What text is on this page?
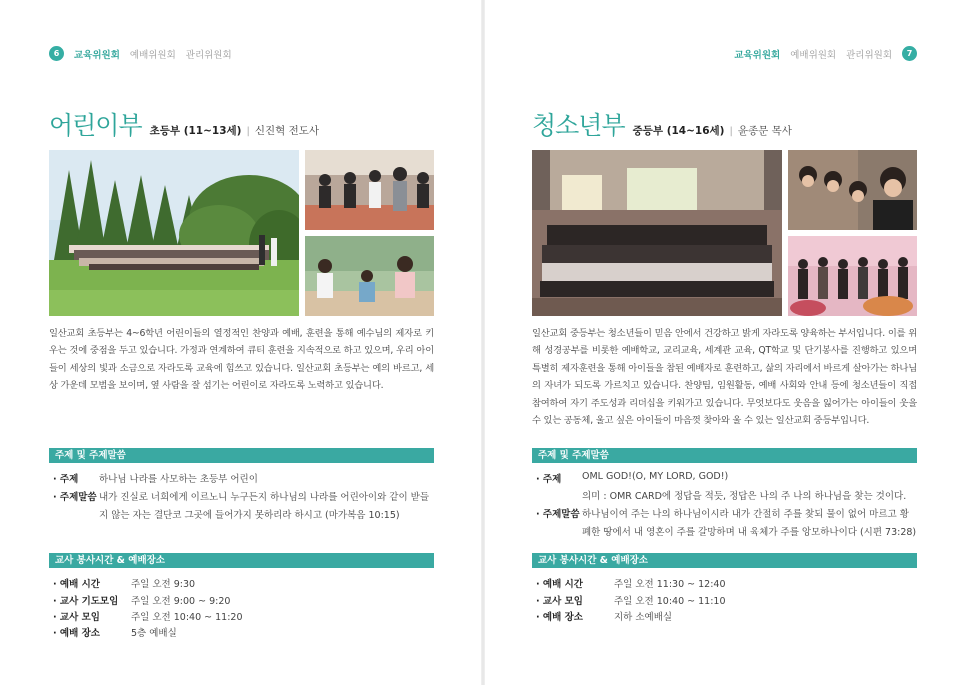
6	교육위원회 예배위원회 관리위원회
어린이부 초등부 (11~13세) | 신진혁 전도사
일산교회 초등부는 4~6학년 어린이들의 열정적인 찬양과 예배, 훈련을 통해 예수님의 제자로 키우는 것에 중점을 두고 있습니다. 가정과 연계하여 큐티 훈련을 지속적으로 하고 있으며, 우리 아이들이 세상의 빛과 소금으로 자라도록 교육에 힘쓰고 있습니다. 일산교회 초등부는 예의 바르고, 세상 가운데 모범을 보이며, 옆 사람을 잘 섬기는 어린이로 자라도록 노력하고 있습니다.
주제 및 주제말씀
· 주제	하나님 나라를 사모하는 초등부 어린이
· 주제말씀 내가 진실로 너희에게 이르노니 누구든지 하나님의 나라를 어린아이와 같이 받들지 않는 자는 결단코 그곳에 들어가지 못하리라 하시고 (마가복음 10:15)
교사 봉사시간 & 예배장소
· 예배 시간	주일 오전 9:30
· 교사 기도모임	주일 오전 9:00 ~ 9:20
· 교사 모임	주일 오전 10:40 ~ 11:20
· 예배 장소	5층 예배실
교육위원회 예배위원회 관리위원회	7
청소년부 중등부 (14~16세) | 윤종문 목사
일산교회 중등부는 청소년들이 믿음 안에서 건강하고 밝게 자라도록 양육하는 부서입니다. 이를 위해 성경공부를 비롯한 예배학교, 교리교육, 세계관 교육, QT학교 및 단기봉사를 진행하고 있으며 특별히 제자훈련을 통해 아이들을 참된 예배자로 훈련하고, 삶의 자리에서 바르게 살아가는 하나님의 자녀가 되도록 가르치고 있습니다. 찬양팀, 임원활동, 예배 사회와 안내 등에 청소년들이 직접 참여하여 자기 주도성과 리더십을 키워가고 있습니다. 무엇보다도 웃음을 잃어가는 아이들이 웃을 수 있는 공동체, 울고 싶은 아이들이 마음껏 찾아와 울 수 있는 일산교회 중등부입니다.
주제 및 주제말씀
· 주제	OML GOD!(O, MY LORD, GOD!)
의미 : OMR CARD에 정답을 적듯, 정답은 나의 주 나의 하나님을 찾는 것이다.
· 주제말씀 하나님이여 주는 나의 하나님이시라 내가 간절히 주를 찾되 물이 없어 마르고 황폐한 땅에서 내 영혼이 주를 갈망하며 내 육체가 주를 앙모하나이다 (시편 73:28)
교사 봉사시간 & 예배장소
· 예배 시간	주일 오전 11:30 ~ 12:40
· 교사 모임	주일 오전 10:40 ~ 11:10
· 예배 장소	지하 소예배실
